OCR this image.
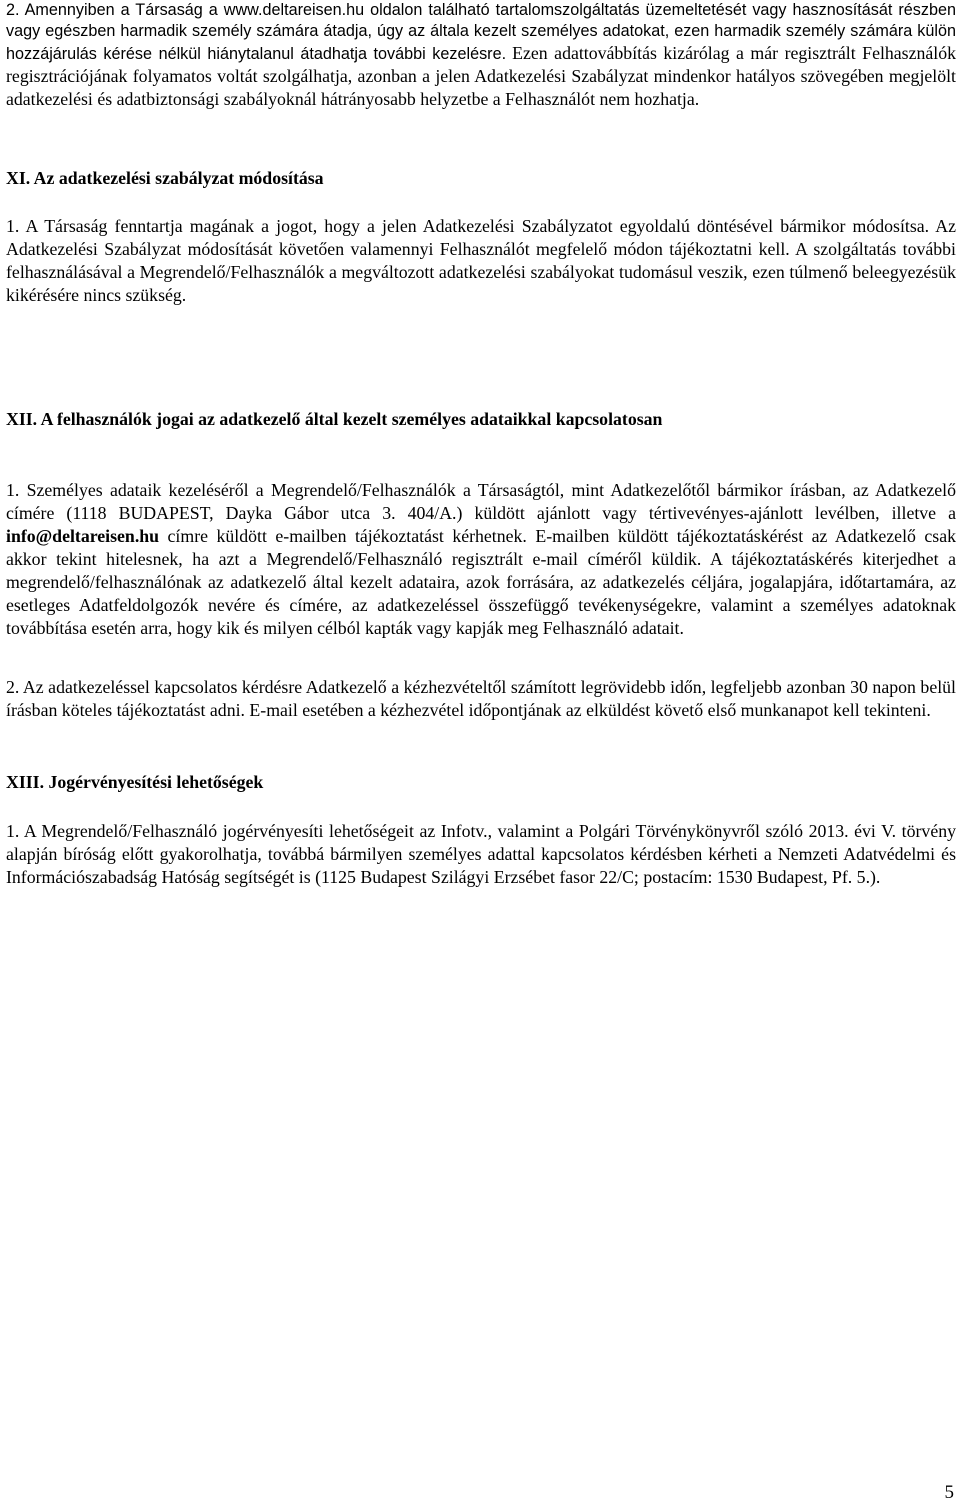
2. Amennyiben a Társaság a www.deltareisen.hu oldalon található tartalomszolgáltatás üzemeltetését vagy hasznosítását részben vagy egészben harmadik személy számára átadja, úgy az általa kezelt személyes adatokat, ezen harmadik személy számára külön hozzájárulás kérése nélkül hiánytalanul átadhatja további kezelésre. Ezen adattovábbítás kizárólag a már regisztrált Felhasználók regisztrációjának folyamatos voltát szolgálhatja, azonban a jelen Adatkezelési Szabályzat mindenkor hatályos szövegében megjelölt adatkezelési és adatbiztonsági szabályoknál hátrányosabb helyzetbe a Felhasználót nem hozhatja.

XI. Az adatkezelési szabályzat módosítása

1. A Társaság fenntartja magának a jogot, hogy a jelen Adatkezelési Szabályzatot egyoldalú döntésével bármikor módosítsa. Az Adatkezelési Szabályzat módosítását követően valamennyi Felhasználót megfelelő módon tájékoztatni kell. A szolgáltatás további felhasználásával a Megrendelő/Felhasználók a megváltozott adatkezelési szabályokat tudomásul veszik, ezen túlmenő beleegyezésük kikérésére nincs szükség.

XII. A felhasználók jogai az adatkezelő által kezelt személyes adataikkal kapcsolatosan

1. Személyes adataik kezeléséről a Megrendelő/Felhasználók a Társaságtól, mint Adatkezelőtől bármikor írásban, az Adatkezelő címére (1118 BUDAPEST, Dayka Gábor utca 3. 404/A.) küldött ajánlott vagy tértivevényes-ajánlott levélben, illetve a info@deltareisen.hu címre küldött e-mailben tájékoztatást kérhetnek. E-mailben küldött tájékoztatáskérést az Adatkezelő csak akkor tekint hitelesnek, ha azt a Megrendelő/Felhasználó regisztrált e-mail címéről küldik. A tájékoztatáskérés kiterjedhet a megrendelő/felhasználónak az adatkezelő által kezelt adataira, azok forrására, az adatkezelés céljára, jogalapjára, időtartamára, az esetleges Adatfeldolgozók nevére és címére, az adatkezeléssel összefüggő tevékenységekre, valamint a személyes adatoknak továbbítása esetén arra, hogy kik és milyen célból kapták vagy kapják meg Felhasználó adatait.

2. Az adatkezeléssel kapcsolatos kérdésre Adatkezelő a kézhezvételtől számított legrövidebb időn, legfeljebb azonban 30 napon belül írásban köteles tájékoztatást adni. E-mail esetében a kézhezvétel időpontjának az elküldést követő első munkanapot kell tekinteni.

XIII. Jogérvényesítési lehetőségek

1. A Megrendelő/Felhasználó jogérvényesíti lehetőségeit az Infotv., valamint a Polgári Törvénykönyvről szóló 2013. évi V. törvény alapján bíróság előtt gyakorolhatja, továbbá bármilyen személyes adattal kapcsolatos kérdésben kérheti a Nemzeti Adatvédelmi és Információszabadság Hatóság segítségét is (1125 Budapest Szilágyi Erzsébet fasor 22/C; postacím: 1530 Budapest, Pf. 5.).

5
